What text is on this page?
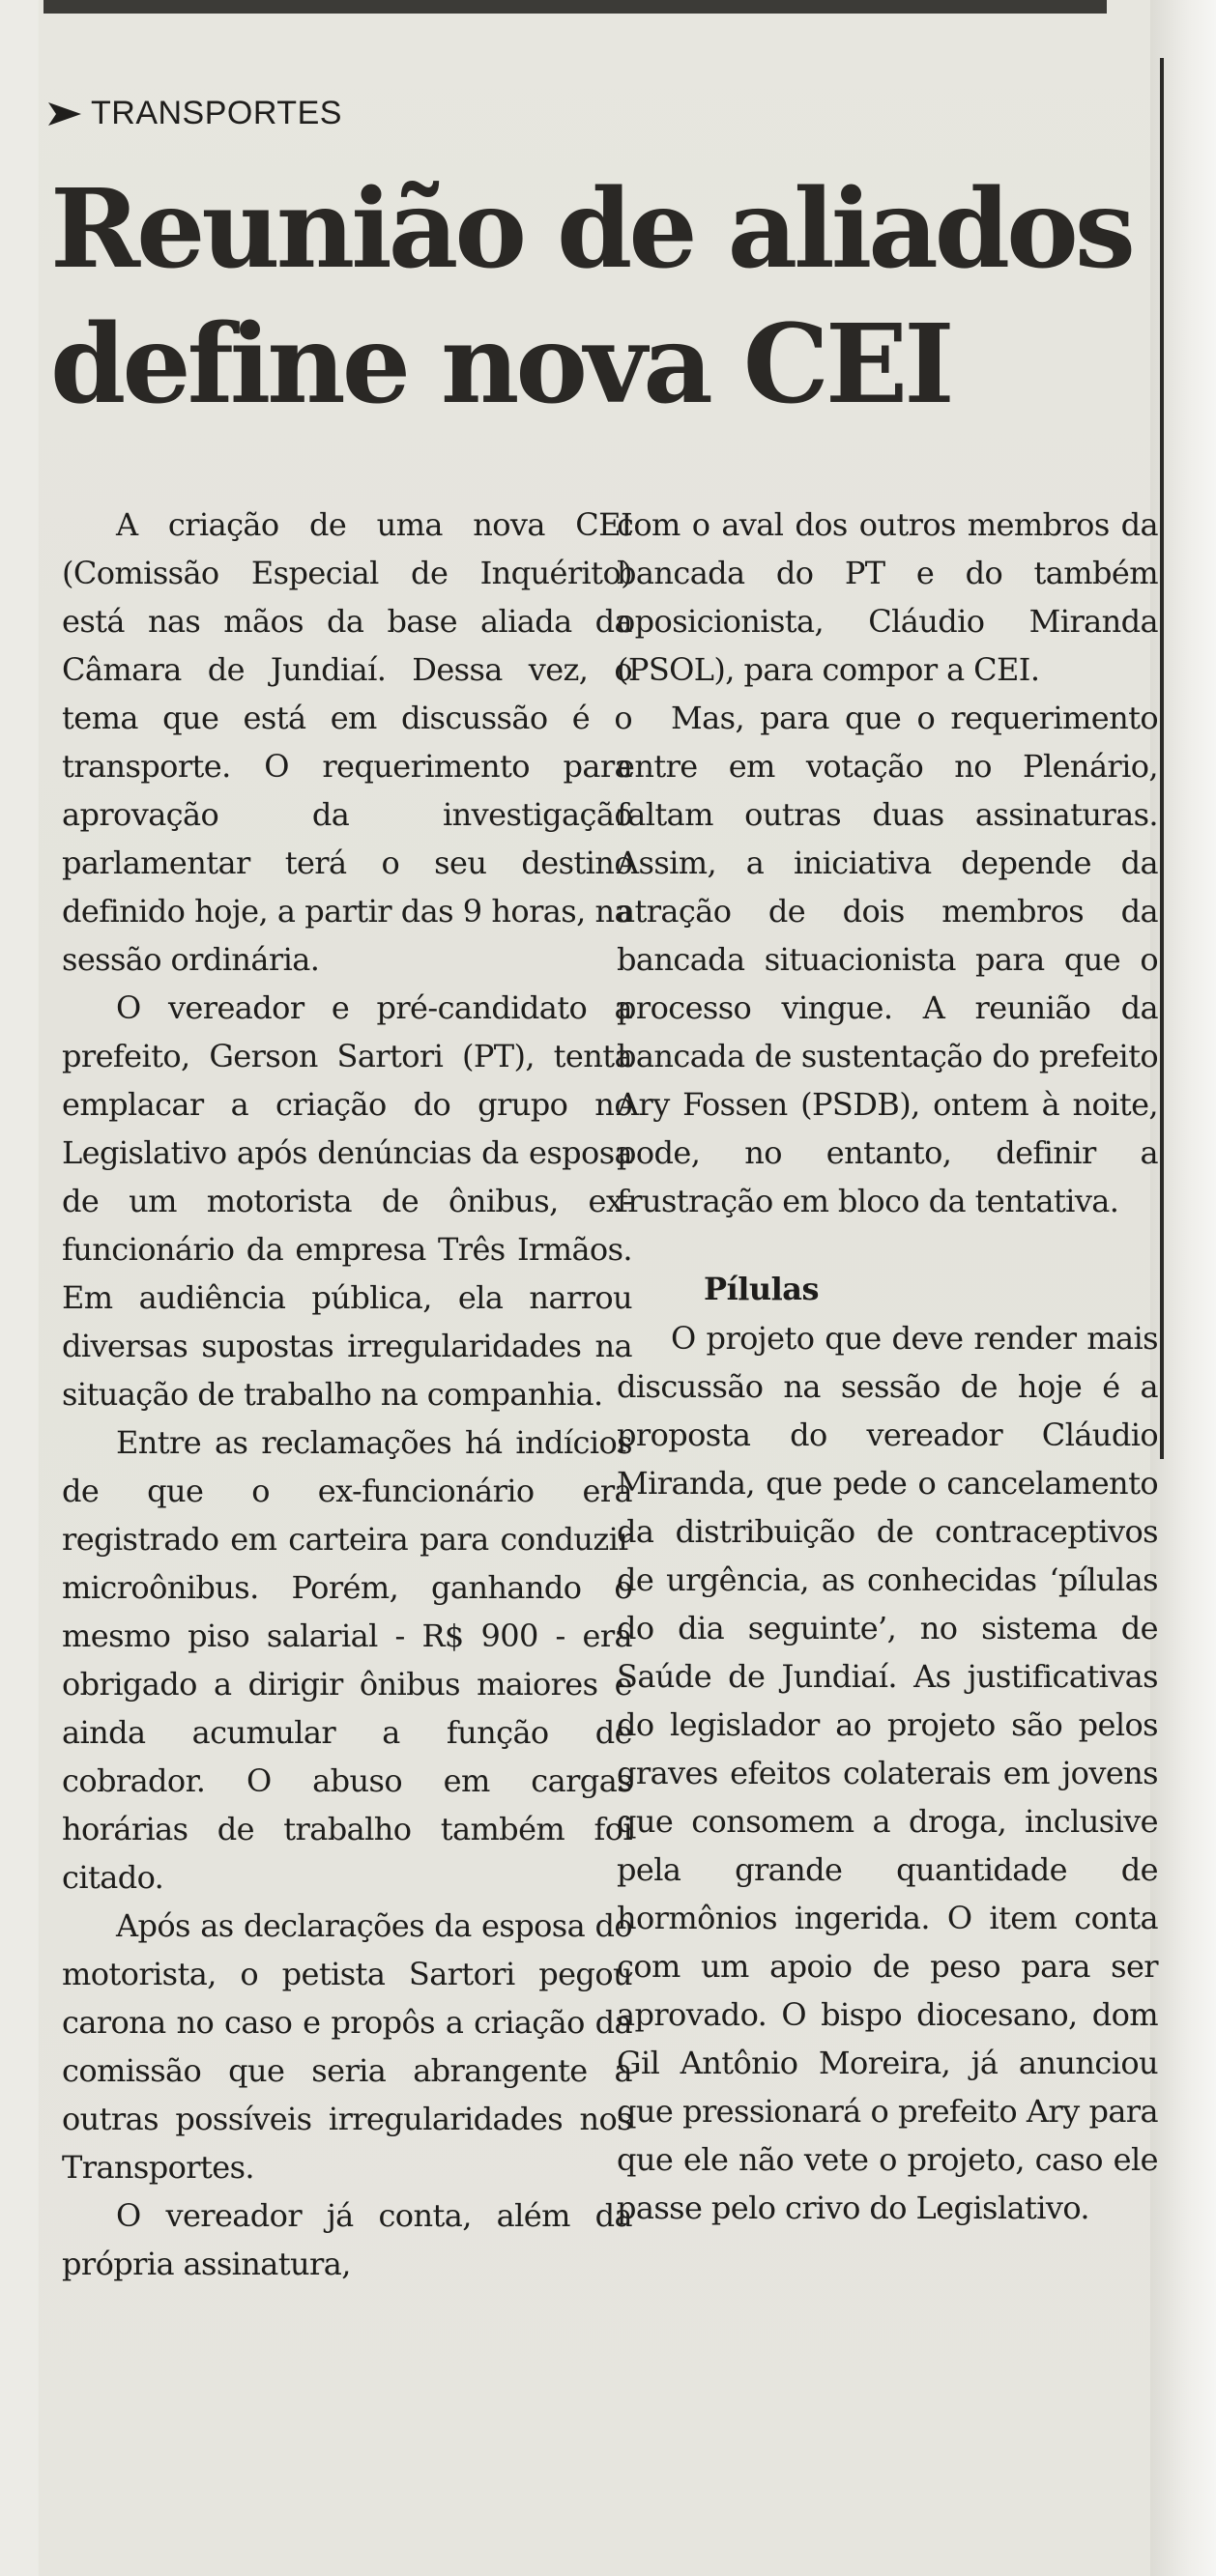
TRANSPORTES
Reunião de aliados define nova CEI

A criação de uma nova CEI (Comissão Especial de Inquérito) está nas mãos da base aliada da Câmara de Jundiaí. Dessa vez, o tema que está em discussão é o transporte. O requerimento para aprovação da investigação parlamentar terá o seu destino definido hoje, a partir das 9 horas, na sessão ordinária.

O vereador e pré-candidato a prefeito, Gerson Sartori (PT), tenta emplacar a criação do grupo no Legislativo após denúncias da esposa de um motorista de ônibus, ex-funcionário da empresa Três Irmãos. Em audiência pública, ela narrou diversas supostas irregularidades na situação de trabalho na companhia.

Entre as reclamações há indícios de que o ex-funcionário era registrado em carteira para conduzir microônibus. Porém, ganhando o mesmo piso salarial - R$ 900 - era obrigado a dirigir ônibus maiores e ainda acumular a função de cobrador. O abuso em cargas horárias de trabalho também foi citado.

Após as declarações da esposa do motorista, o petista Sartori pegou carona no caso e propôs a criação da comissão que seria abrangente a outras possíveis irregularidades nos Transportes.

O vereador já conta, além da própria assinatura,

com o aval dos outros membros da bancada do PT e do também oposicionista, Cláudio Miranda (PSOL), para compor a CEI.

Mas, para que o requerimento entre em votação no Plenário, faltam outras duas assinaturas. Assim, a iniciativa depende da atração de dois membros da bancada situacionista para que o processo vingue. A reunião da bancada de sustentação do prefeito Ary Fossen (PSDB), ontem à noite, pode, no entanto, definir a frustração em bloco da tentativa.

Pílulas

O projeto que deve render mais discussão na sessão de hoje é a proposta do vereador Cláudio Miranda, que pede o cancelamento da distribuição de contraceptivos de urgência, as conhecidas ‘pílulas do dia seguinte’, no sistema de Saúde de Jundiaí. As justificativas do legislador ao projeto são pelos graves efeitos colaterais em jovens que consomem a droga, inclusive pela grande quantidade de hormônios ingerida. O item conta com um apoio de peso para ser aprovado. O bispo diocesano, dom Gil Antônio Moreira, já anunciou que pressionará o prefeito Ary para que ele não vete o projeto, caso ele passe pelo crivo do Legislativo.
